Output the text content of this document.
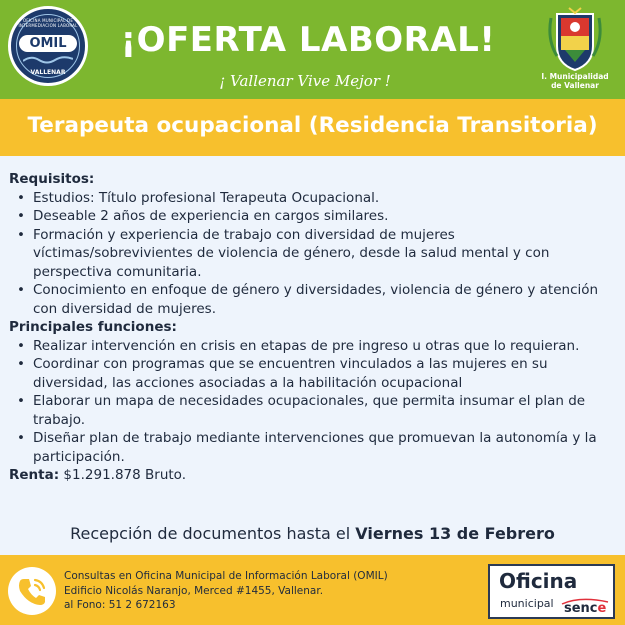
OFICINA MUNICIPAL DE INTERMEDIACION LABORAL
OMIL
VALLENAR
¡OFERTA LABORAL!
¡ Vallenar Vive Mejor !	I. Municipalidad
de Vallenar
Terapeuta ocupacional (Residencia Transitoria)
Requisitos:
• Estudios: Título profesional Terapeuta Ocupacional.
• Deseable 2 años de experiencia en cargos similares.
• Formación y experiencia de trabajo con diversidad de mujeres víctimas/sobrevivientes de violencia de género, desde la salud mental y con perspectiva comunitaria.
• Conocimiento en enfoque de género y diversidades, violencia de género y atención con diversidad de mujeres.
Principales funciones:
• Realizar intervención en crisis en etapas de pre ingreso u otras que lo requieran.
• Coordinar con programas que se encuentren vinculados a las mujeres en su diversidad, las acciones asociadas a la habilitación ocupacional
• Elaborar un mapa de necesidades ocupacionales, que permita insumar el plan de trabajo.
• Diseñar plan de trabajo mediante intervenciones que promuevan la autonomía y la participación.
Renta: $1.291.878 Bruto.
Recepción de documentos hasta el Viernes 13 de Febrero
Consultas en Oficina Municipal de Información Laboral (OMIL)
Edificio Nicolás Naranjo, Merced #1455, Vallenar.
al Fono: 51 2 672163
Oficina
municipal sence
